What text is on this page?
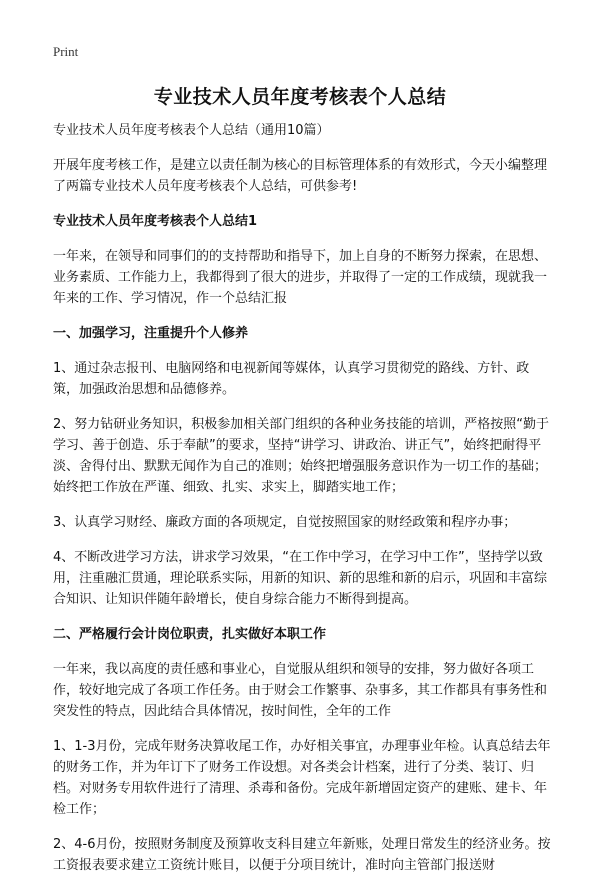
Print
专业技术人员年度考核表个人总结
专业技术人员年度考核表个人总结（通用10篇）
开展年度考核工作，是建立以责任制为核心的目标管理体系的有效形式，今天小编整理了两篇专业技术人员年度考核表个人总结，可供参考!
专业技术人员年度考核表个人总结1
一年来，在领导和同事们的的支持帮助和指导下，加上自身的不断努力探索，在思想、业务素质、工作能力上，我都得到了很大的进步，并取得了一定的工作成绩，现就我一年来的工作、学习情况，作一个总结汇报
一、加强学习，注重提升个人修养
1、通过杂志报刊、电脑网络和电视新闻等媒体，认真学习贯彻党的路线、方针、政策，加强政治思想和品德修养。
2、努力钻研业务知识，积极参加相关部门组织的各种业务技能的培训，严格按照“勤于学习、善于创造、乐于奉献”的要求，坚持“讲学习、讲政治、讲正气”，始终把耐得平淡、舍得付出、默默无闻作为自己的准则；始终把增强服务意识作为一切工作的基础；始终把工作放在严谨、细致、扎实、求实上，脚踏实地工作；
3、认真学习财经、廉政方面的各项规定，自觉按照国家的财经政策和程序办事；
4、不断改进学习方法，讲求学习效果，“在工作中学习，在学习中工作”，坚持学以致用，注重融汇贯通，理论联系实际，用新的知识、新的思维和新的启示，巩固和丰富综合知识、让知识伴随年龄增长，使自身综合能力不断得到提高。
二、严格履行会计岗位职责，扎实做好本职工作
一年来，我以高度的责任感和事业心，自觉服从组织和领导的安排，努力做好各项工作，较好地完成了各项工作任务。由于财会工作繁事、杂事多，其工作都具有事务性和突发性的特点，因此结合具体情况，按时间性，全年的工作
1、1-3月份，完成年财务决算收尾工作，办好相关事宜，办理事业年检。认真总结去年的财务工作，并为年订下了财务工作设想。对各类会计档案，进行了分类、装订、归档。对财务专用软件进行了清理、杀毒和备份。完成年新增固定资产的建账、建卡、年检工作；
2、4-6月份，按照财务制度及预算收支科目建立年新账，处理日常发生的经济业务。按工资报表要求建立工资统计账目，以便于分项目统计，准时向主管部门报送财
